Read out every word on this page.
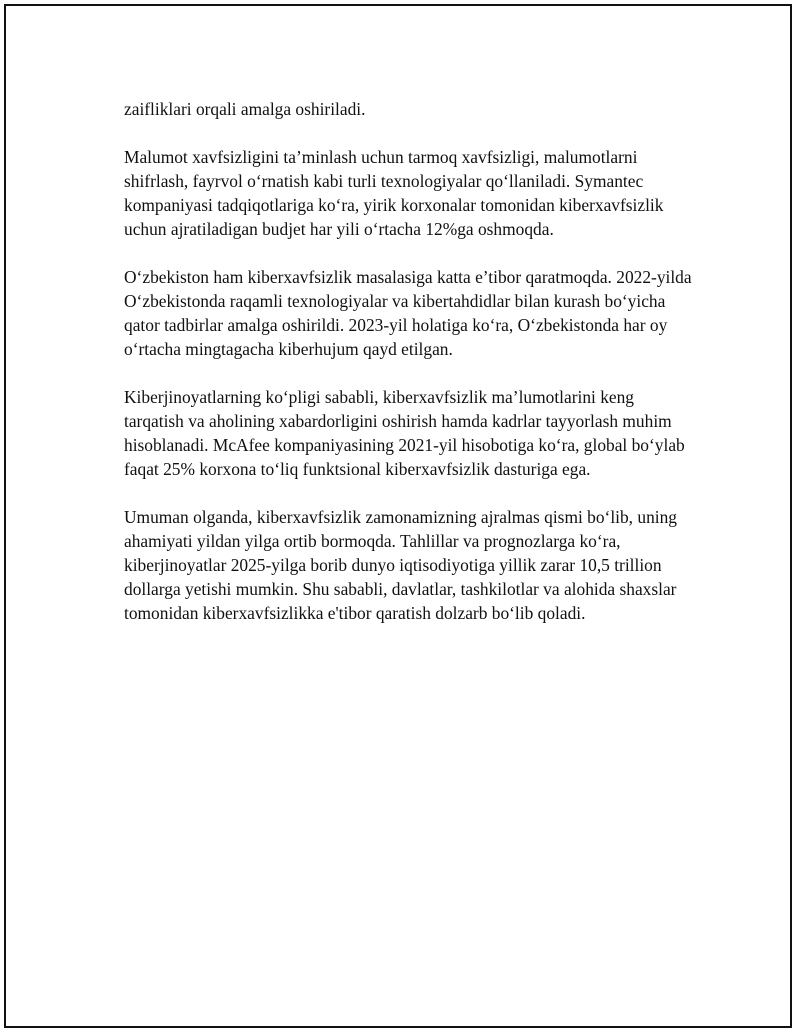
zaifliklari orqali amalga oshiriladi.

Malumot xavfsizligini ta’minlash uchun tarmoq xavfsizligi, malumotlarni shifrlash, fayrvol o‘rnatish kabi turli texnologiyalar qo‘llaniladi. Symantec kompaniyasi tadqiqotlariga ko‘ra, yirik korxonalar tomonidan kiberxavfsizlik uchun ajratiladigan budjet har yili o‘rtacha 12%ga oshmoqda.

O‘zbekiston ham kiberxavfsizlik masalasiga katta e’tibor qaratmoqda. 2022-yilda O‘zbekistonda raqamli texnologiyalar va kibertahdidlar bilan kurash bo‘yicha qator tadbirlar amalga oshirildi. 2023-yil holatiga ko‘ra, O‘zbekistonda har oy o‘rtacha mingtagacha kiberhujum qayd etilgan.

Kiberjinoyatlarning ko‘pligi sababli, kiberxavfsizlik ma’lumotlarini keng tarqatish va aholining xabardorligini oshirish hamda kadrlar tayyorlash muhim hisoblanadi. McAfee kompaniyasining 2021-yil hisobotiga ko‘ra, global bo‘ylab faqat 25% korxona to‘liq funktsional kiberxavfsizlik dasturiga ega.

Umuman olganda, kiberxavfsizlik zamonamizning ajralmas qismi bo‘lib, uning ahamiyati yildan yilga ortib bormoqda. Tahlillar va prognozlarga ko‘ra, kiberjinoyatlar 2025-yilga borib dunyo iqtisodiyotiga yillik zarar 10,5 trillion dollarga yetishi mumkin. Shu sababli, davlatlar, tashkilotlar va alohida shaxslar tomonidan kiberxavfsizlikka e'tibor qaratish dolzarb bo‘lib qoladi.
